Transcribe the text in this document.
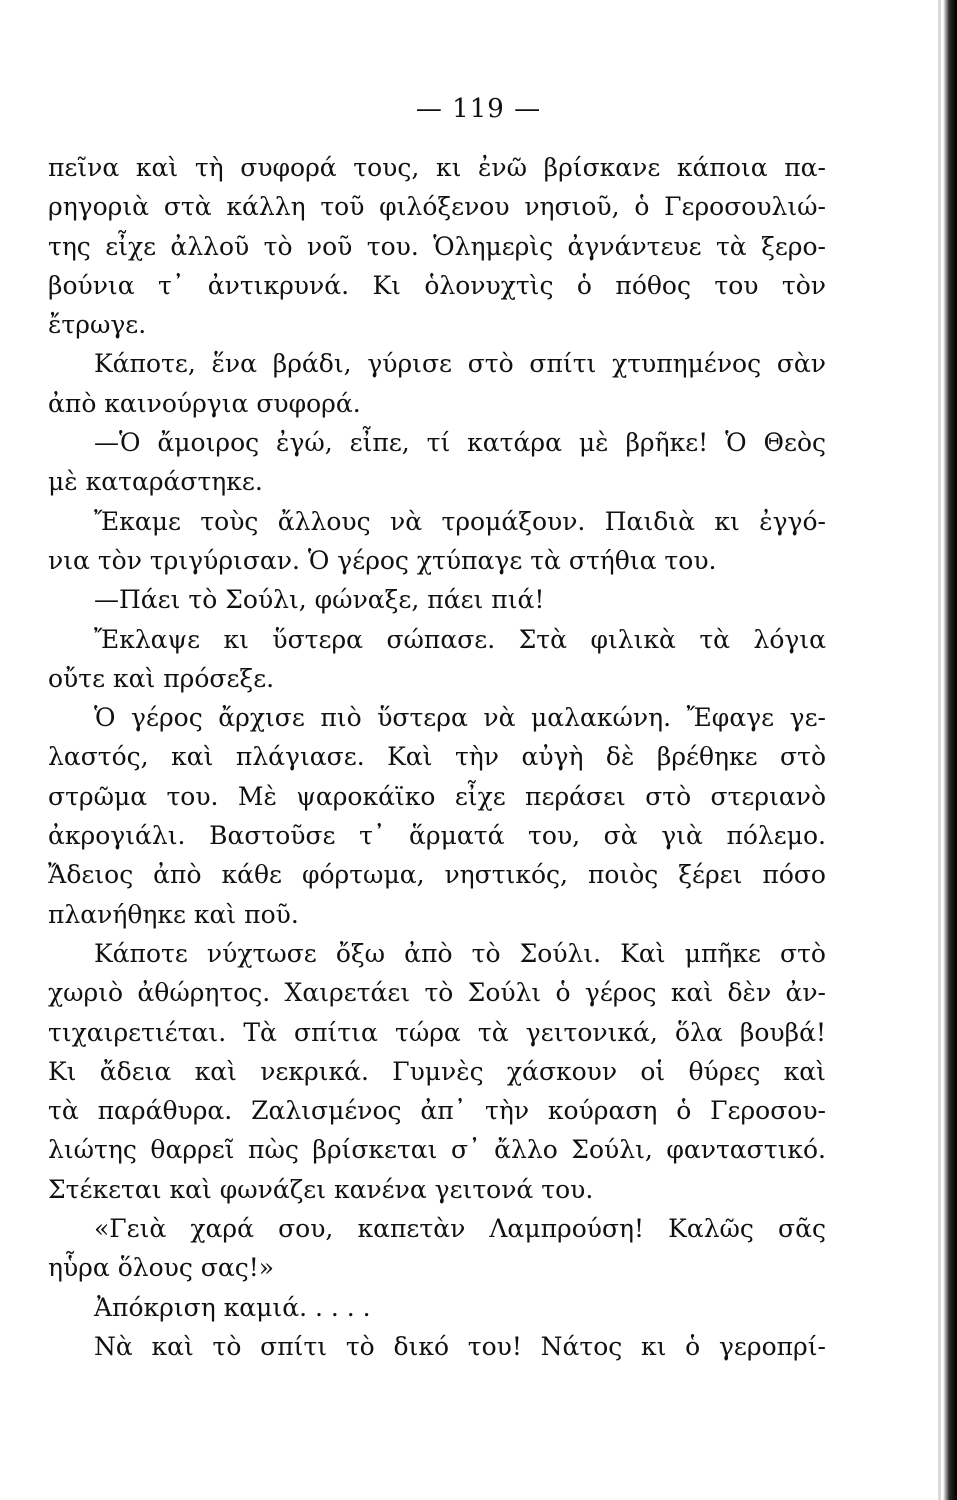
— 119 —
πεῖνα καὶ τὴ συφορά τους, κι ἐνῶ βρίσκανε κάποια πα-
ρηγοριὰ στὰ κάλλη τοῦ φιλόξενου νησιοῦ, ὁ Γεροσουλιώ-
της εἶχε ἀλλοῦ τὸ νοῦ του. Ὁλημερὶς ἀγνάντευε τὰ ξερο-
βούνια τ᾽ ἀντικρυνά. Κι ὁλονυχτὶς ὁ πόθος του τὸν
ἔτρωγε.
Κάποτε, ἕνα βράδι, γύρισε στὸ σπίτι χτυπημένος σὰν
ἀπὸ καινούργια συφορά.
—Ὁ ἄμοιρος ἐγώ, εἶπε, τί κατάρα μὲ βρῆκε! Ὁ Θεὸς
μὲ καταράστηκε.
Ἔκαμε τοὺς ἄλλους νὰ τρομάξουν. Παιδιὰ κι ἐγγό-
νια τὸν τριγύρισαν. Ὁ γέρος χτύπαγε τὰ στήθια του.
—Πάει τὸ Σούλι, φώναξε, πάει πιά!
Ἔκλαψε κι ὕστερα σώπασε. Στὰ φιλικὰ τὰ λόγια
οὔτε καὶ πρόσεξε.
Ὁ γέρος ἄρχισε πιὸ ὕστερα νὰ μαλακώνη. Ἔφαγε γε-
λαστός, καὶ πλάγιασε. Καὶ τὴν αὐγὴ δὲ βρέθηκε στὸ
στρῶμα του. Μὲ ψαροκάϊκο εἶχε περάσει στὸ στεριανὸ
ἀκρογιάλι. Βαστοῦσε τ᾽ ἅρματά του, σὰ γιὰ πόλεμο.
Ἄδειος ἀπὸ κάθε φόρτωμα, νηστικός, ποιὸς ξέρει πόσο
πλανήθηκε καὶ ποῦ.
Κάποτε νύχτωσε ὄξω ἀπὸ τὸ Σούλι. Καὶ μπῆκε στὸ
χωριὸ ἀθώρητος. Χαιρετάει τὸ Σούλι ὁ γέρος καὶ δὲν ἀν-
τιχαιρετιέται. Τὰ σπίτια τώρα τὰ γειτονικά, ὅλα βουβά!
Κι ἄδεια καὶ νεκρικά. Γυμνὲς χάσκουν οἱ θύρες καὶ
τὰ παράθυρα. Ζαλισμένος ἀπ᾽ τὴν κούραση ὁ Γεροσου-
λιώτης θαρρεῖ πὼς βρίσκεται σ᾽ ἄλλο Σούλι, φανταστικό.
Στέκεται καὶ φωνάζει κανένα γειτονά του.
«Γειὰ χαρά σου, καπετὰν Λαμπρούση! Καλῶς σᾶς
ηὗρα ὅλους σας!»
Ἀπόκριση καμιά. . . . .
Νὰ καὶ τὸ σπίτι τὸ δικό του! Νάτος κι ὁ γεροπρί-
